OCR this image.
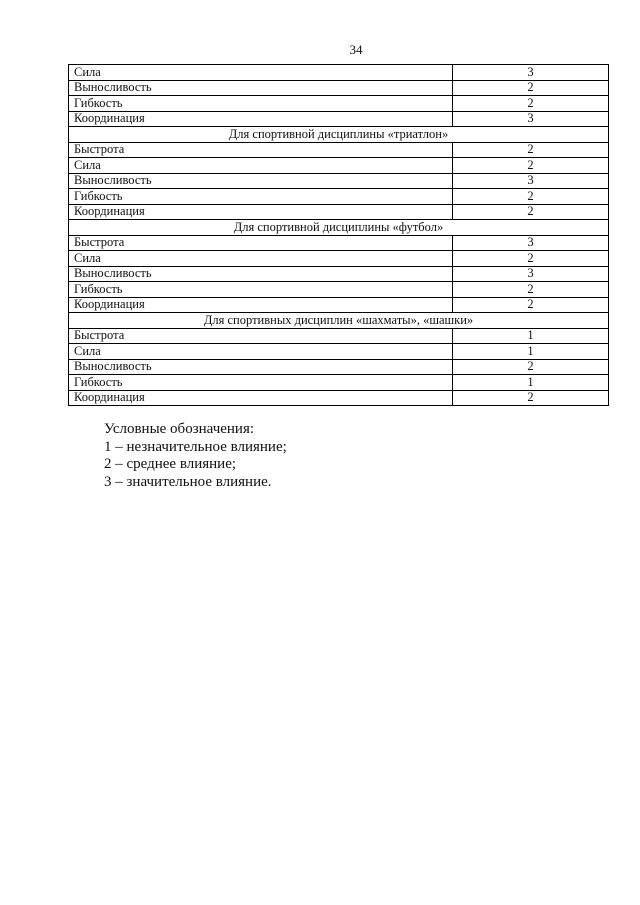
34
Сила	3
Выносливость	2
Гибкость	2
Координация	3
Для спортивной дисциплины «триатлон»	
Быстрота	2
Сила	2
Выносливость	3
Гибкость	2
Координация	2
Для спортивной дисциплины «футбол»	
Быстрота	3
Сила	2
Выносливость	3
Гибкость	2
Координация	2
Для спортивных дисциплин «шахматы», «шашки»	
Быстрота	1
Сила	1
Выносливость	2
Гибкость	1
Координация	2
Условные обозначения:
1 – незначительное влияние;
2 – среднее влияние;
3 – значительное влияние.
